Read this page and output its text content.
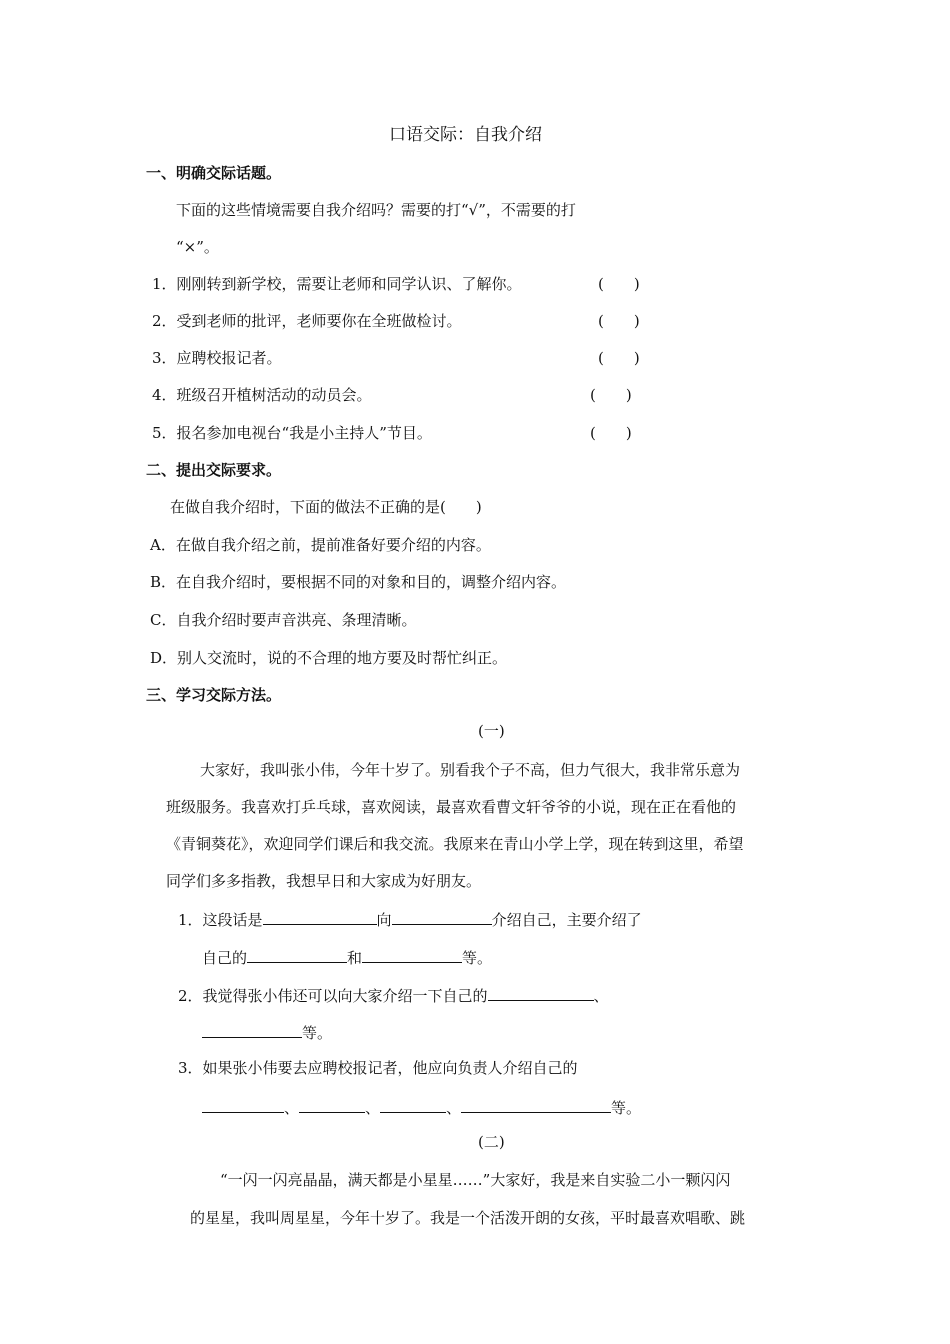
口语交际：自我介绍
一、明确交际话题。
下面的这些情境需要自我介绍吗？需要的打“√”，不需要的打
“×”。
1．刚刚转到新学校，需要让老师和同学认识、了解你。	(　　)
2．受到老师的批评，老师要你在全班做检讨。	(　　)
3．应聘校报记者。	(　　)
4．班级召开植树活动的动员会。	(　　)
5．报名参加电视台“我是小主持人”节目。	(　　)
二、提出交际要求。
在做自我介绍时，下面的做法不正确的是(　　)
A．在做自我介绍之前，提前准备好要介绍的内容。
B．在自我介绍时，要根据不同的对象和目的，调整介绍内容。
C．自我介绍时要声音洪亮、条理清晰。
D．别人交流时，说的不合理的地方要及时帮忙纠正。
三、学习交际方法。
(一)
大家好，我叫张小伟，今年十岁了。别看我个子不高，但力气很大，我非常乐意为
班级服务。我喜欢打乒乓球，喜欢阅读，最喜欢看曹文轩爷爷的小说，现在正在看他的
《青铜葵花》，欢迎同学们课后和我交流。我原来在青山小学上学，现在转到这里，希望
同学们多多指教，我想早日和大家成为好朋友。
1．这段话是	向	介绍自己，主要介绍了
自己的	和	等。
2．我觉得张小伟还可以向大家介绍一下自己的	、
等。
3．如果张小伟要去应聘校报记者，他应向负责人介绍自己的
、	、	、	等。
(二)
“一闪一闪亮晶晶，满天都是小星星……”大家好，我是来自实验二小一颗闪闪
的星星，我叫周星星，今年十岁了。我是一个活泼开朗的女孩，平时最喜欢唱歌、跳
